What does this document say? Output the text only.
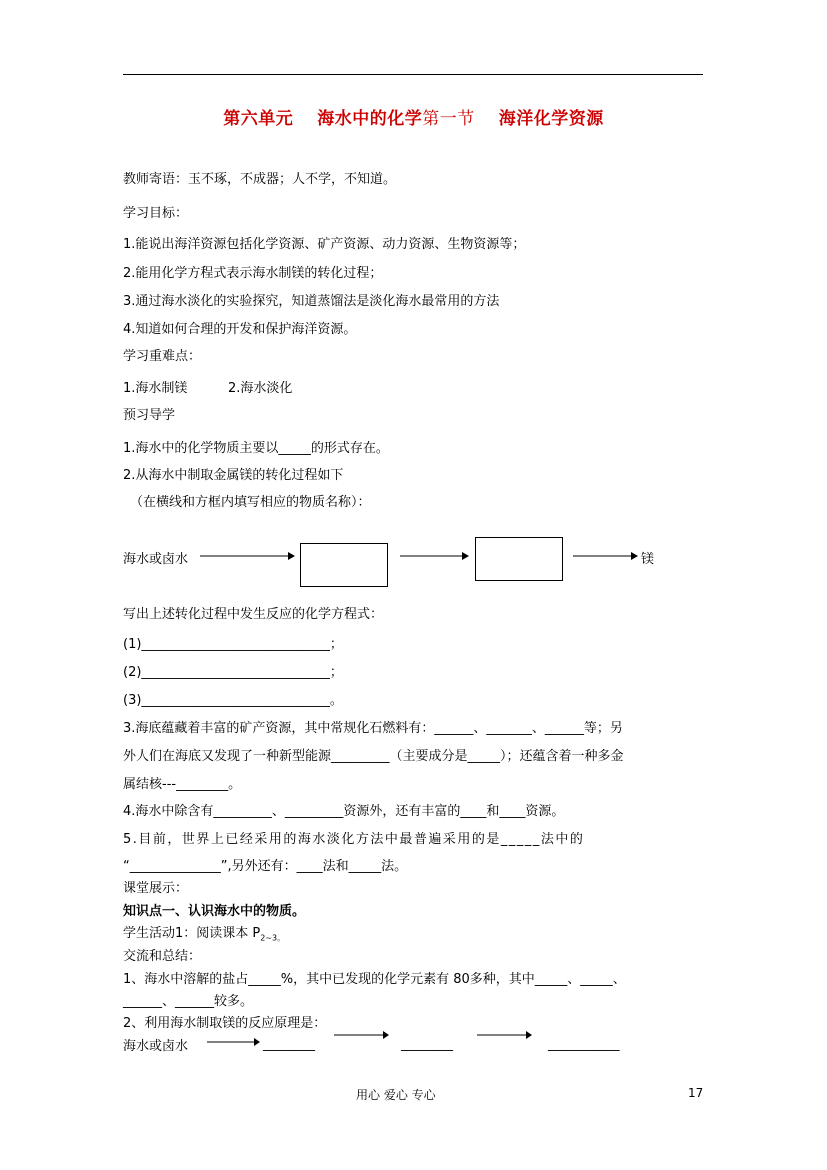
第六单元 海水中的化学第一节 海洋化学资源
教师寄语：玉不琢，不成器；人不学，不知道。
学习目标：
1.能说出海洋资源包括化学资源、矿产资源、动力资源、生物资源等；
2.能用化学方程式表示海水制镁的转化过程；
3.通过海水淡化的实验探究，知道蒸馏法是淡化海水最常用的方法
4.知道如何合理的开发和保护海洋资源。
学习重难点：
1.海水制镁	2.海水淡化
预习导学
1.海水中的化学物质主要以_____的形式存在。
2.从海水中制取金属镁的转化过程如下
（在横线和方框内填写相应的物质名称）：
海水或卤水	镁
写出上述转化过程中发生反应的化学方程式：
(1)_____________________________；
(2)_____________________________；
(3)_____________________________。
3.海底蕴藏着丰富的矿产资源，其中常规化石燃料有：______、_______、______等；另
外人们在海底又发现了一种新型能源_________（主要成分是_____）；还蕴含着一种多金
属结核---________。
4.海水中除含有_________、_________资源外，还有丰富的____和____资源。
5.目前，世界上已经采用的海水淡化方法中最普遍采用的是_____法中的
“______________”,另外还有：____法和_____法。
课堂展示：
知识点一、认识海水中的物质。
学生活动1：阅读课本 $P_{2\sim 3。}$
交流和总结：
1、海水中溶解的盐占_____%，其中已发现的化学元素有 80多种，其中_____、_____、
______、______较多。
2、利用海水制取镁的反应原理是：
海水或卤水	________	________	___________
用心 爱心 专心	17
